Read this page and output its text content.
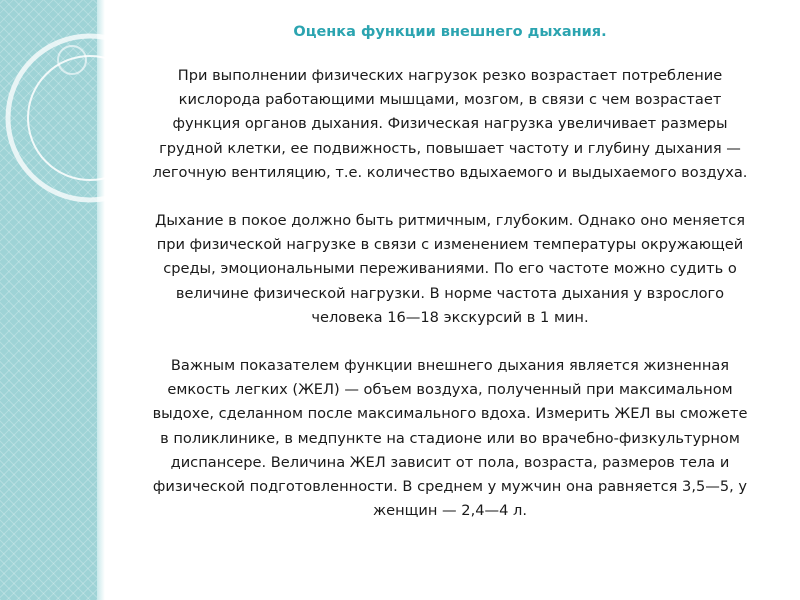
Оценка функции внешнего дыхания.
При выполнении физических нагрузок резко возрастает потребление
кислорода работающими мышцами, мозгом, в связи с чем возрастает
функция органов дыхания. Физическая нагрузка увеличивает размеры
грудной клетки, ее подвижность, повышает частоту и глубину дыхания —
легочную вентиляцию, т.е. количество вдыхаемого и выдыхаемого воздуха.
Дыхание в покое должно быть ритмичным, глубоким. Однако оно меняется
при физической нагрузке в связи с изменением температуры окружающей
среды, эмоциональными переживаниями. По его частоте можно судить о
величине физической нагрузки. В норме частота дыхания у взрослого
человека 16—18 экскурсий в 1 мин.
Важным показателем функции внешнего дыхания является жизненная
емкость легких (ЖЕЛ) — объем воздуха, полученный при максимальном
выдохе, сделанном после максимального вдоха. Измерить ЖЕЛ вы сможете
в поликлинике, в медпункте на стадионе или во врачебно-физкультурном
диспансере. Величина ЖЕЛ зависит от пола, возраста, размеров тела и
физической подготовленности. В среднем у мужчин она равняется 3,5—5, у
женщин — 2,4—4 л.
